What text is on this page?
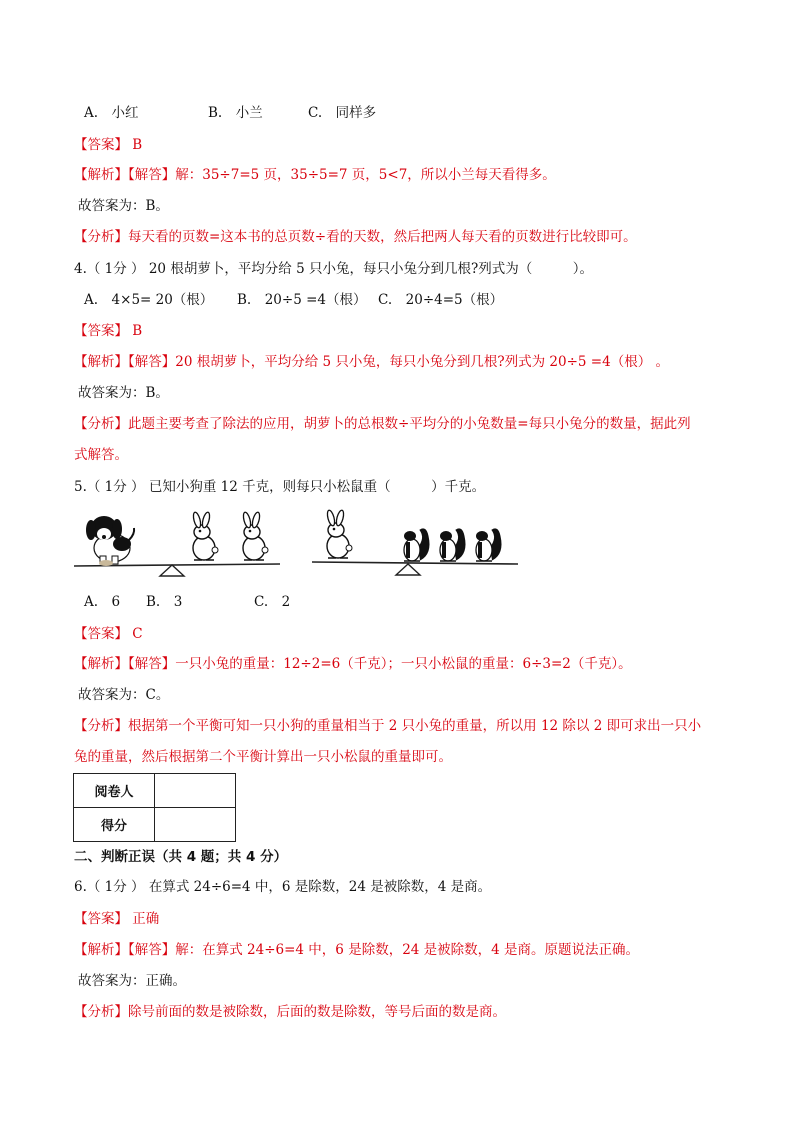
A.　小红	B.　小兰	C.　同样多
【答案】 B
【解析】【解答】解：35÷7=5 页，35÷5=7 页，5<7，所以小兰每天看得多。
故答案为：B。
【分析】每天看的页数=这本书的总页数÷看的天数，然后把两人每天看的页数进行比较即可。
4.（ 1分 ） 20 根胡萝卜，平均分给 5 只小兔，每只小兔分到几根?列式为（　　　）。
A.　4×5= 20（根） B.　20÷5 =4（根） C.　20÷4=5（根）
【答案】 B
【解析】【解答】20 根胡萝卜，平均分给 5 只小兔，每只小兔分到几根?列式为 20÷5 =4（根） 。
故答案为：B。
【分析】此题主要考查了除法的应用，胡萝卜的总根数÷平均分的小兔数量=每只小兔分的数量，据此列
式解答。
5.（ 1分 ） 已知小狗重 12 千克，则每只小松鼠重（　　　）千克。
A.　6 B.　3	C.　2
【答案】 C
【解析】【解答】一只小兔的重量：12÷2=6（千克）；一只小松鼠的重量：6÷3=2（千克）。
故答案为：C。
【分析】根据第一个平衡可知一只小狗的重量相当于 2 只小兔的重量，所以用 12 除以 2 即可求出一只小
兔的重量，然后根据第二个平衡计算出一只小松鼠的重量即可。
阅卷人	
得分	
二、判断正误（共 4 题；共 4 分）
6.（ 1分 ） 在算式 24÷6=4 中，6 是除数，24 是被除数，4 是商。
【答案】 正确
【解析】【解答】解：在算式 24÷6=4 中，6 是除数，24 是被除数，4 是商。原题说法正确。
故答案为：正确。
【分析】除号前面的数是被除数，后面的数是除数，等号后面的数是商。
